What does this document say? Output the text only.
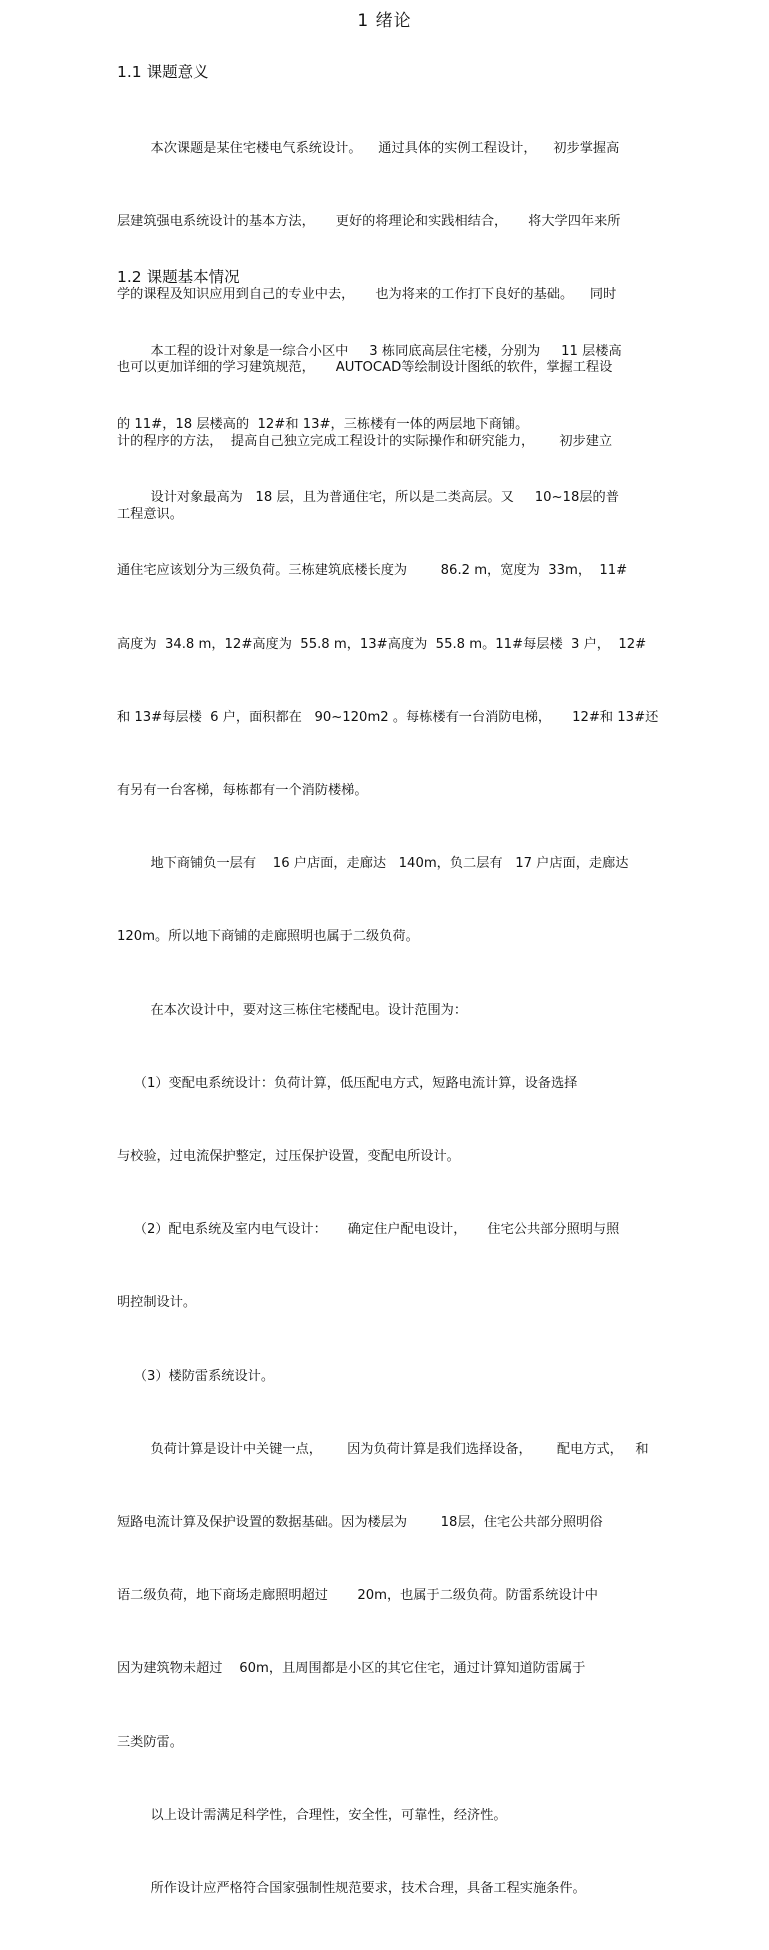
1 绪论
1.1 课题意义

本次课题是某住宅楼电气系统设计。    通过具体的实例工程设计，    初步掌握高

层建筑强电系统设计的基本方法，     更好的将理论和实践相结合，     将大学四年来所

学的课程及知识应用到自己的专业中去，     也为将来的工作打下良好的基础。    同时

也可以更加详细的学习建筑规范，     AUTOCAD等绘制设计图纸的软件，掌握工程设

计的程序的方法，  提高自己独立完成工程设计的实际操作和研究能力，      初步建立

工程意识。

1.2 课题基本情况

本工程的设计对象是一综合小区中     3 栋同底高层住宅楼，分别为     11 层楼高

的 11#，18 层楼高的  12#和 13#，三栋楼有一体的两层地下商铺。

设计对象最高为   18 层，且为普通住宅，所以是二类高层。又     10~18层的普

通住宅应该划分为三级负荷。三栋建筑底楼长度为        86.2 m，宽度为  33m，  11#

高度为  34.8 m，12#高度为  55.8 m，13#高度为  55.8 m。11#每层楼  3 户，  12#

和 13#每层楼  6 户，面积都在   90~120m2 。每栋楼有一台消防电梯，     12#和 13#还

有另有一台客梯，每栋都有一个消防楼梯。

地下商铺负一层有    16 户店面，走廊达   140m，负二层有   17 户店面，走廊达

120m。所以地下商铺的走廊照明也属于二级负荷。

在本次设计中，要对这三栋住宅楼配电。设计范围为：

（1）变配电系统设计：负荷计算，低压配电方式，短路电流计算，设备选择

与校验，过电流保护整定，过压保护设置，变配电所设计。

（2）配电系统及室内电气设计：     确定住户配电设计，     住宅公共部分照明与照

明控制设计。

（3）楼防雷系统设计。

负荷计算是设计中关键一点，      因为负荷计算是我们选择设备，      配电方式，   和

短路电流计算及保护设置的数据基础。因为楼层为        18层，住宅公共部分照明俗

语二级负荷，地下商场走廊照明超过       20m，也属于二级负荷。防雷系统设计中

因为建筑物未超过    60m，且周围都是小区的其它住宅，通过计算知道防雷属于

三类防雷。

以上设计需满足科学性，合理性，安全性，可靠性，经济性。

所作设计应严格符合国家强制性规范要求，技术合理，具备工程实施条件。
